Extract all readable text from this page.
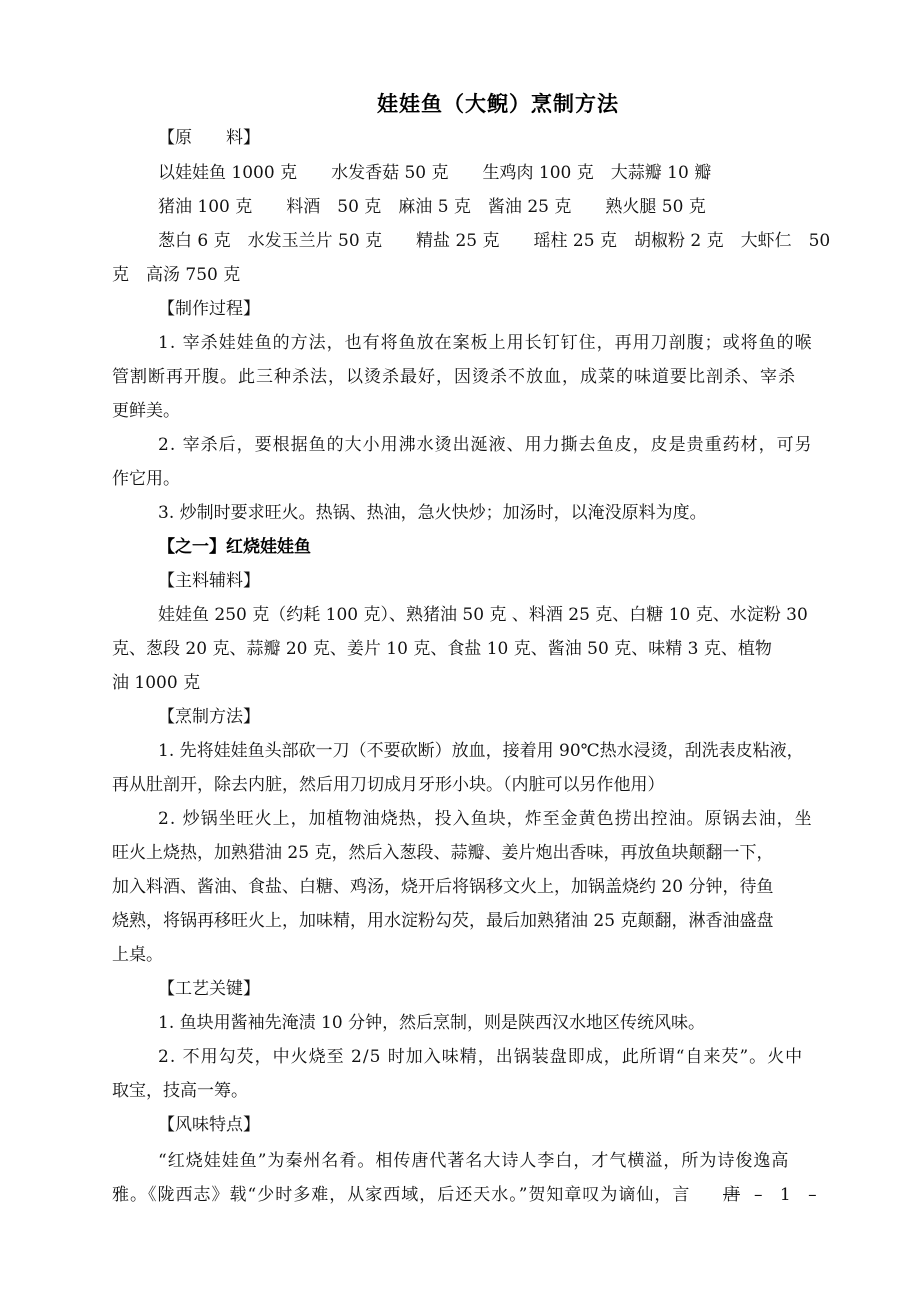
娃娃鱼（大鲵）烹制方法
【原　　料】
以娃娃鱼 1000 克　　水发香菇 50 克　　生鸡肉 100 克　大蒜瓣 10 瓣
猪油 100 克　　料酒　50 克　麻油 5 克　酱油 25 克　　熟火腿 50 克
葱白 6 克　水发玉兰片 50 克　　精盐 25 克　　瑶柱 25 克　胡椒粉 2 克　大虾仁　50
克　高汤 750 克
【制作过程】
1. 宰杀娃娃鱼的方法，也有将鱼放在案板上用长钉钉住，再用刀剖腹；或将鱼的喉
管割断再开腹。此三种杀法，以烫杀最好，因烫杀不放血，成菜的味道要比剖杀、宰杀
更鲜美。
2. 宰杀后，要根据鱼的大小用沸水烫出涎液、用力撕去鱼皮，皮是贵重药材，可另
作它用。
3. 炒制时要求旺火。热锅、热油，急火快炒；加汤时，以淹没原料为度。
【之一】红烧娃娃鱼
【主料辅料】
娃娃鱼 250 克（约耗 100 克）、熟猪油 50 克 、料酒 25 克、白糖 10 克、水淀粉 30
克、葱段 20 克、蒜瓣 20 克、姜片 10 克、食盐 10 克、酱油 50 克、味精 3 克、植物
油 1000 克
【烹制方法】
1. 先将娃娃鱼头部砍一刀（不要砍断）放血，接着用 90℃热水浸烫，刮洗表皮粘液，
再从肚剖开，除去内脏，然后用刀切成月牙形小块。（内脏可以另作他用）
2. 炒锅坐旺火上，加植物油烧热，投入鱼块，炸至金黄色捞出控油。原锅去油，坐
旺火上烧热，加熟猎油 25 克，然后入葱段、蒜瓣、姜片炮出香味，再放鱼块颠翻一下，
加入料酒、酱油、食盐、白糖、鸡汤，烧开后将锅移文火上，加锅盖烧约 20 分钟，待鱼
烧熟，将锅再移旺火上，加味精，用水淀粉勾芡，最后加熟猪油 25 克颠翻，淋香油盛盘
上桌。
【工艺关键】
1. 鱼块用酱袖先淹渍 10 分钟，然后烹制，则是陕西汉水地区传统风味。
2. 不用勾芡，中火烧至 2/5 时加入味精，出锅装盘即成，此所谓“自来芡”。火中
取宝，技高一筹。
【风味特点】
“红烧娃娃鱼”为秦州名肴。相传唐代著名大诗人李白，才气横溢，所为诗俊逸高
雅。《陇西志》载“少时多难，从家西域，后还天水。”贺知章叹为谪仙，言 唐 – 1 –
